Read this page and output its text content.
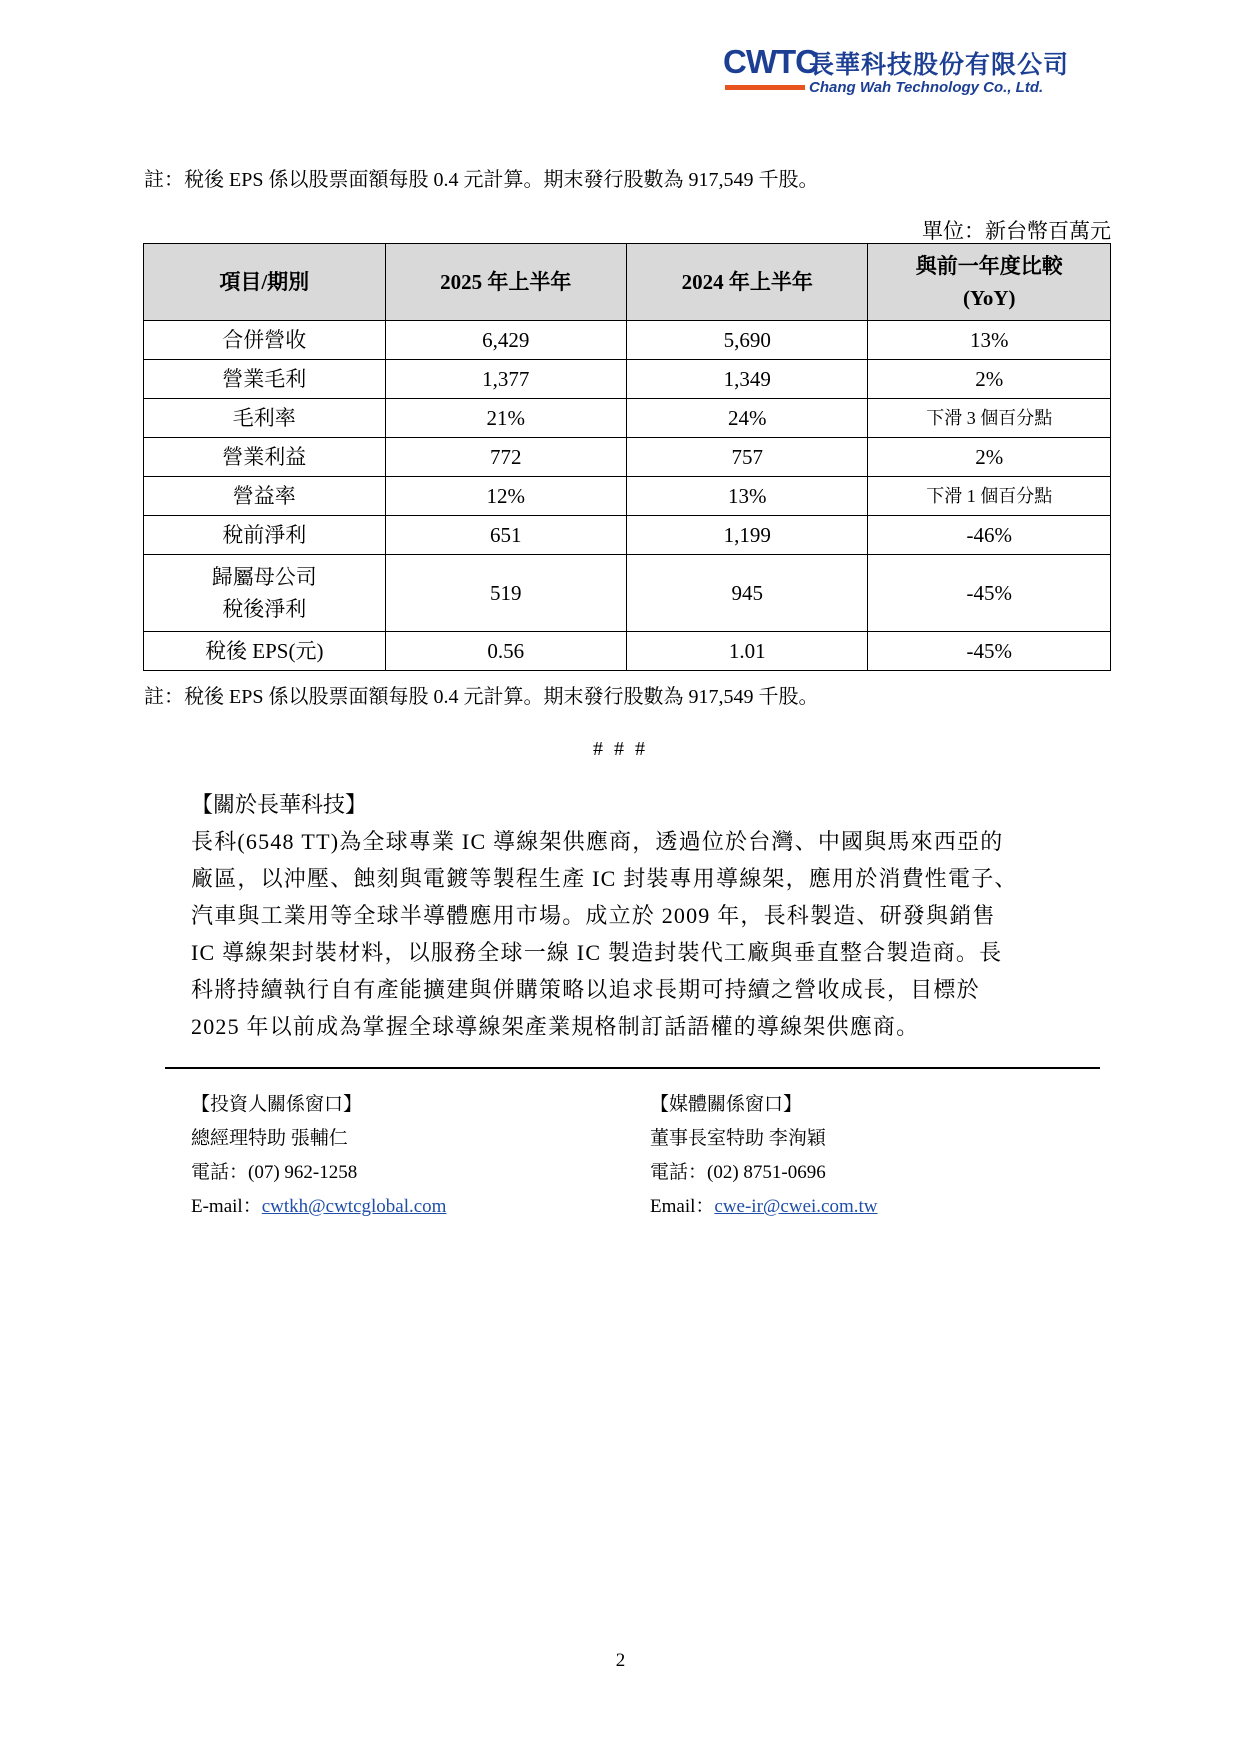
CWTC
長華科技股份有限公司
Chang Wah Technology Co., Ltd.
註：稅後 EPS 係以股票面額每股 0.4 元計算。期末發行股數為 917,549 千股。
單位：新台幣百萬元
項目/期別	2025 年上半年	2024 年上半年	與前一年度比較
(YoY)
合併營收	6,429	5,690	13%
營業毛利	1,377	1,349	2%
毛利率	21%	24%	下滑 3 個百分點
營業利益	772	757	2%
營益率	12%	13%	下滑 1 個百分點
稅前淨利	651	1,199	-46%
歸屬母公司
稅後淨利	519	945	-45%
稅後 EPS(元)	0.56	1.01	-45%
註：稅後 EPS 係以股票面額每股 0.4 元計算。期末發行股數為 917,549 千股。
# # #
【關於長華科技】
長科(6548 TT)為全球專業 IC 導線架供應商，透過位於台灣、中國與馬來西亞的
廠區，以沖壓、蝕刻與電鍍等製程生產 IC 封裝專用導線架，應用於消費性電子、
汽車與工業用等全球半導體應用市場。成立於 2009 年，長科製造、研發與銷售
IC 導線架封裝材料，以服務全球一線 IC 製造封裝代工廠與垂直整合製造商。長
科將持續執行自有產能擴建與併購策略以追求長期可持續之營收成長，目標於
2025 年以前成為掌握全球導線架產業規格制訂話語權的導線架供應商。
【投資人關係窗口】
總經理特助 張輔仁
電話：(07) 962-1258
E-mail：cwtkh@cwtcglobal.com
【媒體關係窗口】
董事長室特助 李洵穎
電話：(02) 8751-0696
Email：cwe-ir@cwei.com.tw
2
